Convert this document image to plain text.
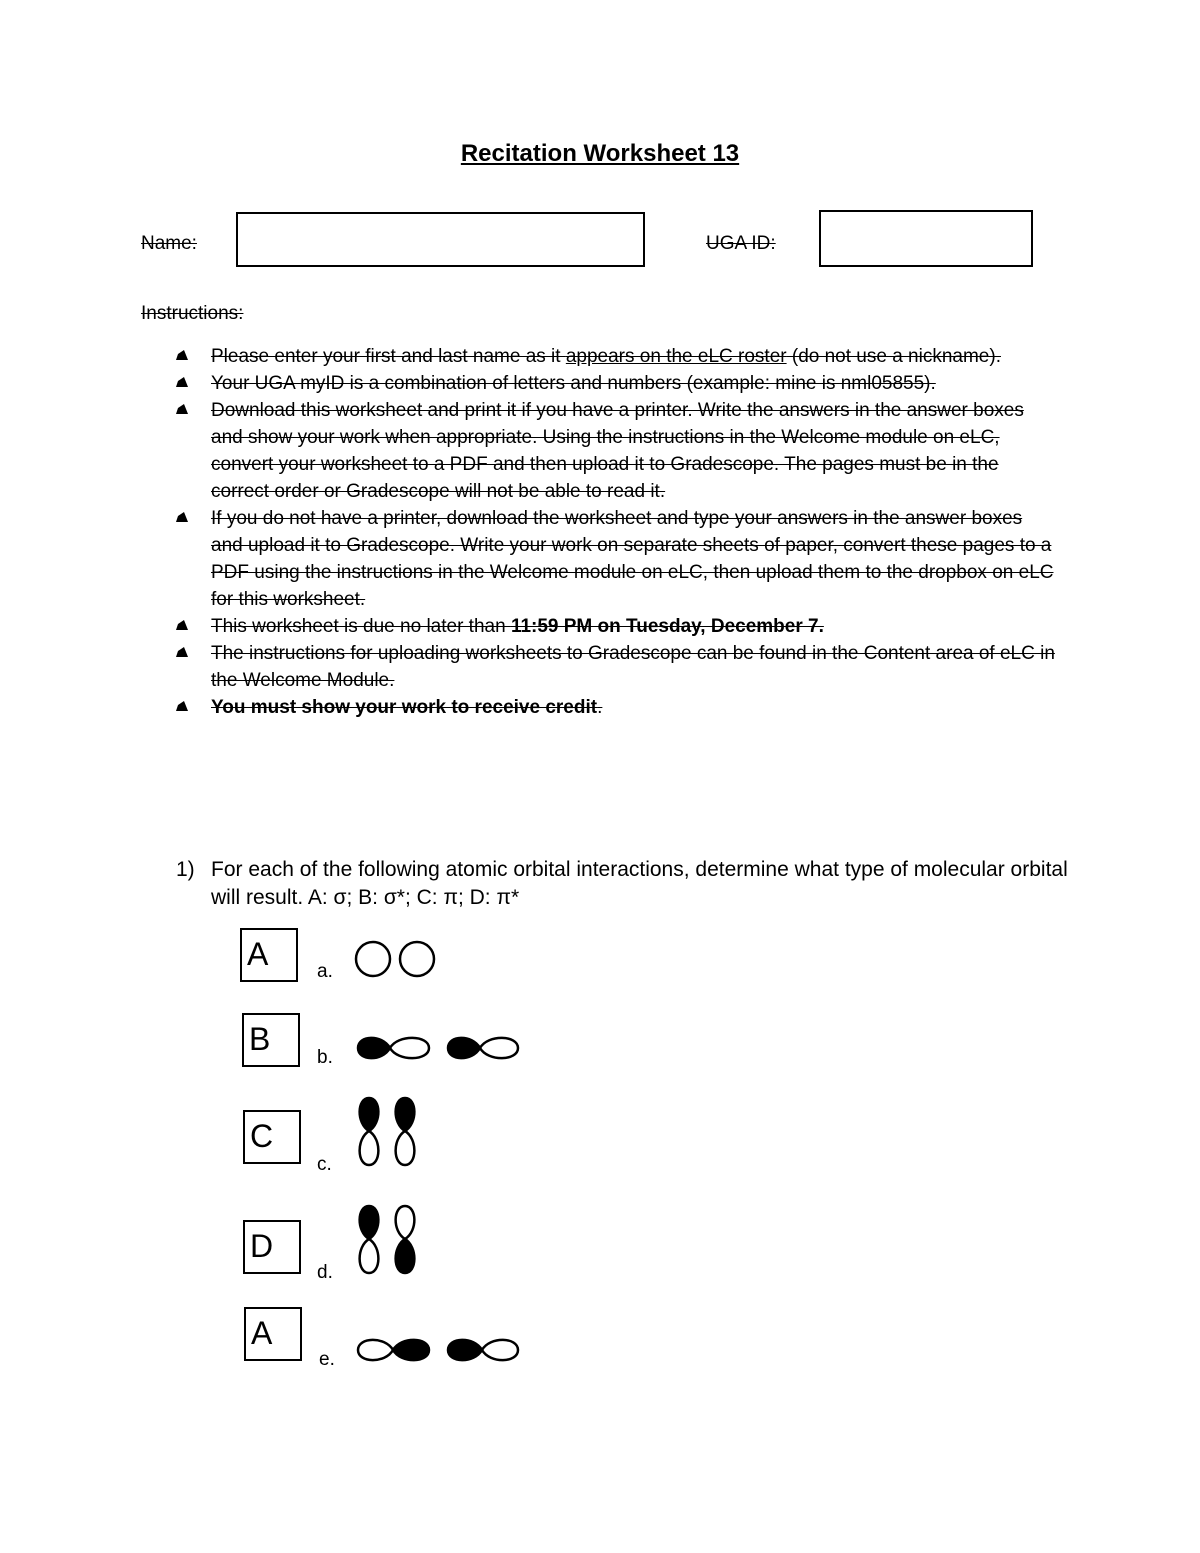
Recitation Worksheet 13
Name:	UGA ID:
Instructions:
Please enter your first and last name as it appears on the eLC roster (do not use a nickname).
Your UGA myID is a combination of letters and numbers (example: mine is nml05855).
Download this worksheet and print it if you have a printer. Write the answers in the answer boxes and show your work when appropriate. Using the instructions in the Welcome module on eLC, convert your worksheet to a PDF and then upload it to Gradescope. The pages must be in the correct order or Gradescope will not be able to read it.
If you do not have a printer, download the worksheet and type your answers in the answer boxes and upload it to Gradescope. Write your work on separate sheets of paper, convert these pages to a PDF using the instructions in the Welcome module on eLC, then upload them to the dropbox on eLC for this worksheet.
This worksheet is due no later than 11:59 PM on Tuesday, December 7.
The instructions for uploading worksheets to Gradescope can be found in the Content area of eLC in the Welcome Module.
You must show your work to receive credit.
1) For each of the following atomic orbital interactions, determine what type of molecular orbital will result. A: σ; B: σ*; C: π; D: π*
A	a.
B
b.
C
c.
D
d.
A
e.
